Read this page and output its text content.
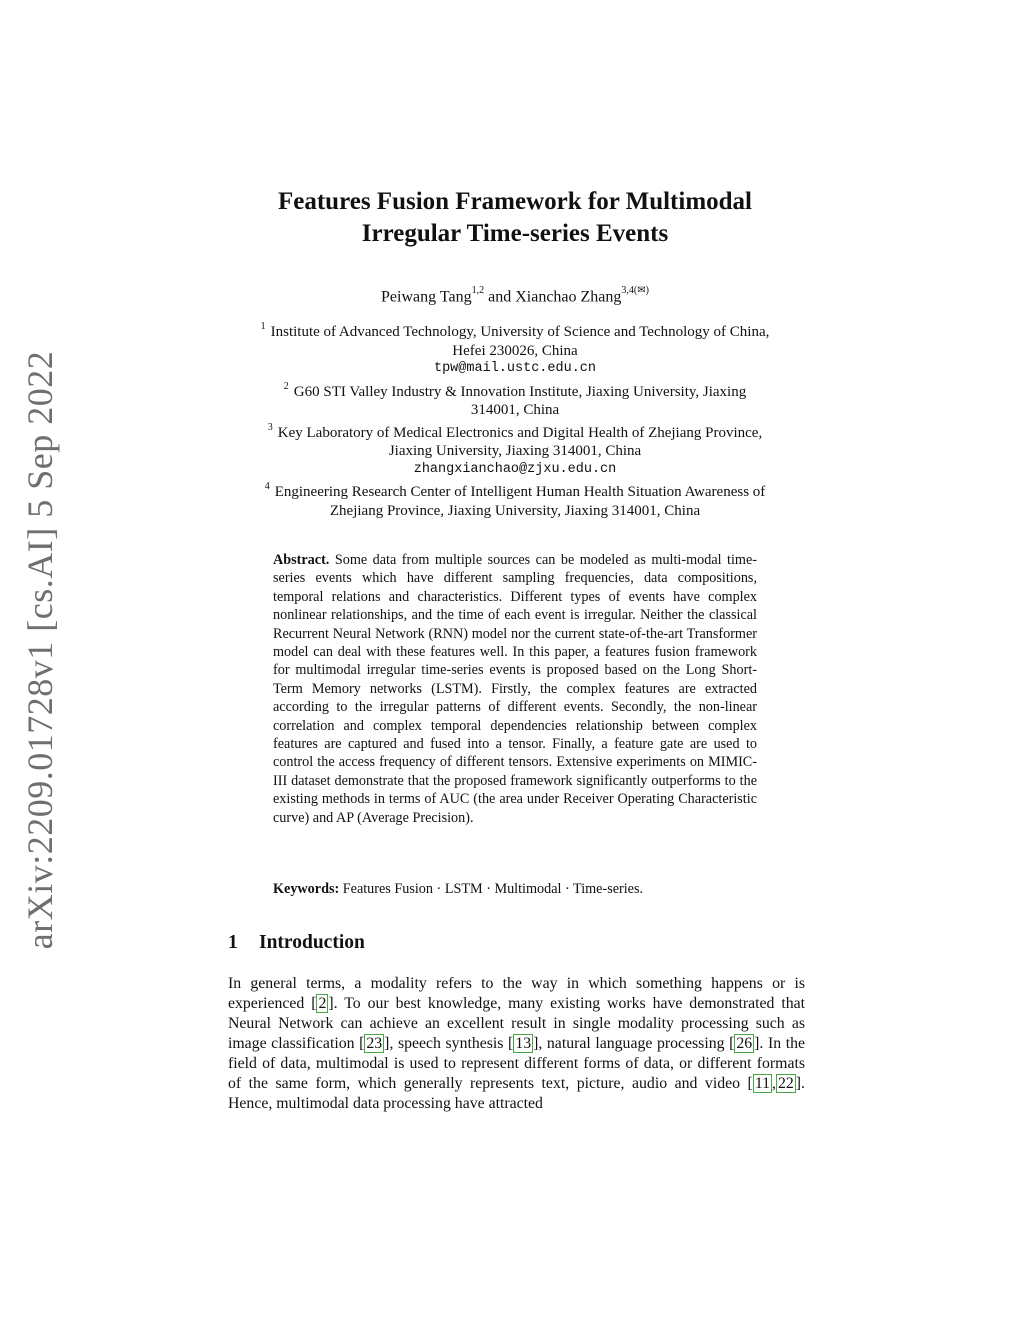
arXiv:2209.01728v1 [cs.AI] 5 Sep 2022
Features Fusion Framework for Multimodal
Irregular Time-series Events
Peiwang Tang$^{1,2}$ and Xianchao Zhang$^{3,4(✉)}$
$^1$ Institute of Advanced Technology, University of Science and Technology of China,
Hefei 230026, China
tpw@mail.ustc.edu.cn
$^2$ G60 STI Valley Industry & Innovation Institute, Jiaxing University, Jiaxing
314001, China
$^3$ Key Laboratory of Medical Electronics and Digital Health of Zhejiang Province,
Jiaxing University, Jiaxing 314001, China
zhangxianchao@zjxu.edu.cn
$^4$ Engineering Research Center of Intelligent Human Health Situation Awareness of
Zhejiang Province, Jiaxing University, Jiaxing 314001, China
Abstract. Some data from multiple sources can be modeled as multi-modal time-series events which have different sampling frequencies, data compositions, temporal relations and characteristics. Different types of events have complex nonlinear relationships, and the time of each event is irregular. Neither the classical Recurrent Neural Network (RNN) model nor the current state-of-the-art Transformer model can deal with these features well. In this paper, a features fusion framework for multimodal irregular time-series events is proposed based on the Long Short-Term Memory networks (LSTM). Firstly, the complex features are extracted according to the irregular patterns of different events. Secondly, the non-linear correlation and complex temporal dependencies relationship between complex features are captured and fused into a tensor. Finally, a feature gate are used to control the access frequency of different tensors. Extensive experiments on MIMIC-III dataset demonstrate that the proposed framework significantly outperforms to the existing methods in terms of AUC (the area under Receiver Operating Characteristic curve) and AP (Average Precision).
Keywords: Features Fusion · LSTM · Multimodal · Time-series.
1 Introduction
In general terms, a modality refers to the way in which something happens or is experienced [ 2 ]. To our best knowledge, many existing works have demonstrated that Neural Network can achieve an excellent result in single modality processing such as image classification [ 23 ], speech synthesis [ 13 ], natural language processing [ 26 ]. In the field of data, multimodal is used to represent different forms of data, or different formats of the same form, which generally represents text, picture, audio and video [ 11 , 22 ]. Hence, multimodal data processing have attracted
